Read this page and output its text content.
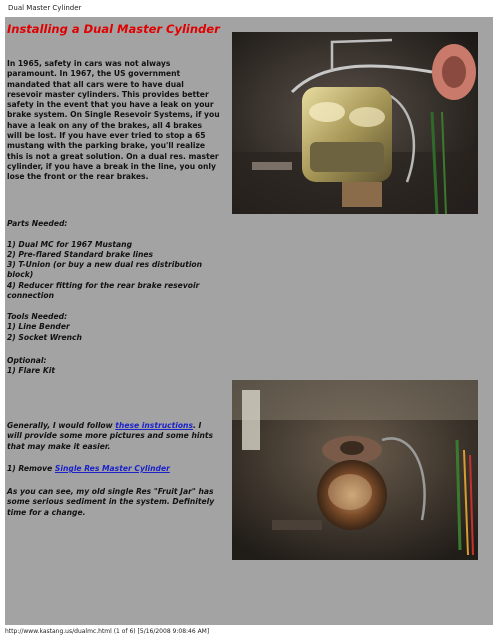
Dual Master Cylinder
Installing a Dual Master Cylinder
In 1965, safety in cars was not always
paramount. In 1967, the US government
mandated that all cars were to have dual
resevoir master cylinders. This provides better
safety in the event that you have a leak on your
brake system. On Single Resevoir Systems, if you
have a leak on any of the brakes, all 4 brakes
will be lost. If you have ever tried to stop a 65
mustang with the parking brake, you'll realize
this is not a great solution. On a dual res. master
cylinder, if you have a break in the line, you only
lose the front or the rear brakes.
Parts Needed:

1) Dual MC for 1967 Mustang
2) Pre-flared Standard brake lines
3) T-Union (or buy a new dual res distribution
block)
4) Reducer fitting for the rear brake resevoir
connection
Tools Needed:
1) Line Bender
2) Socket Wrench
Optional:
1) Flare Kit
Generally, I would follow these instructions. I
will provide some more pictures and some hints
that may make it easier.
1) Remove Single Res Master Cylinder
As you can see, my old single Res "Fruit Jar" has
some serious sediment in the system. Definitely
time for a change.
http://www.kastang.us/dualmc.html (1 of 6) [5/16/2008 9:08:46 AM]
